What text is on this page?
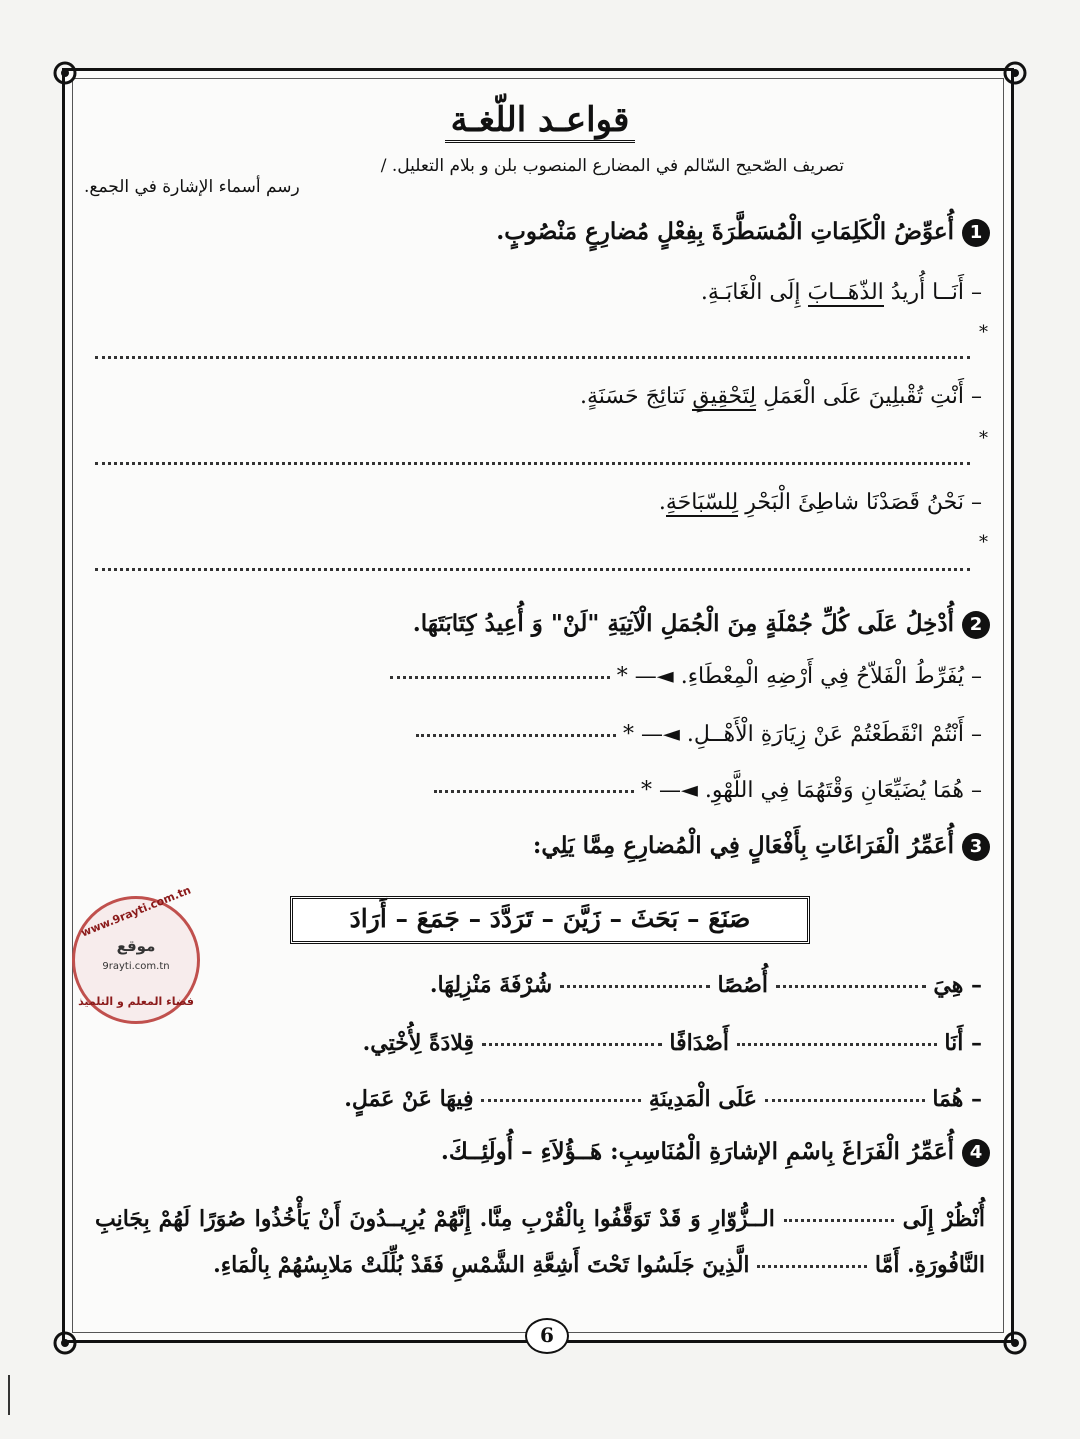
قواعـد اللّغـة
تصريف الصّحيح السّالم في المضارع المنصوب بلن و بلام التعليل. /
رسم أسماء الإشارة في الجمع.
1أُعوِّضُ الْكَلِمَاتِ الْمُسَطَّرَةَ بِفِعْلٍ مُضارِعٍ مَنْصُوبٍ.
– أَنَــا أُريدُ الذّهَــابَ إِلَى الْغَابَـةِ.
*
– أَنْتِ تُقْبلِينَ عَلَى الْعَمَلِ لِتَحْقِيقِ نَتائِجَ حَسَنَةٍ.
*
– نَحْنُ قَصَدْنَا شاطِئَ الْبَحْرِ لِلسّبَاحَةِ.
*
2أُدْخِلُ عَلَى كُلِّ جُمْلَةٍ مِنَ الْجُمَلِ الْآتِيَةِ "لَنْ" وَ أُعِيدُ كِتَابَتَهَا.
– يُفَرِّطُ الْفَلاّحُ فِي أَرْضِهِ الْمِعْطَاءِ. ◄— *
– أَنْتُمْ انْقَطَعْتُمْ عَنْ زِيَارَةِ الْأَهْــلِ. ◄— *
– هُمَا يُضَيِّعَانِ وَقْتَهُمَا فِي اللَّهْوِ. ◄— *
3أُعَمِّرُ الْفَرَاغَاتِ بِأَفْعَالٍ فِي الْمُضارِعِ مِمَّا يَلِي:
صَنَعَ – بَحَثَ – زَيَّنَ – تَرَدَّدَ – جَمَعَ – أَرَادَ
www.9rayti.com.tn
موقع
9rayti.com.tn
فضاء المعلم و التلميذ
– هِيَ  أُصُصًا  شُرْفَةَ مَنْزِلِهَا.
– أَنَا  أَصْدَافًا  قِلادَةً لِأُخْتِي.
– هُمَا  عَلَى الْمَدِينَةِ  فِيهَا عَنْ عَمَلٍ.
4أُعَمِّرُ الْفَرَاغَ بِاسْمِ الإشارَةِ الْمُنَاسِبِ: هَــؤُلاَءِ – أُولَئِــكَ.
أُنْظُرْ إِلَى  الــزُّوّارِ وَ قَدْ تَوَقَّفُوا بِالْقُرْبِ مِنَّا. إِنَّهُمْ يُرِيــدُونَ أَنْ يَأْخُذُوا صُوَرًا لَهُمْ بِجَانِبِ النَّافُورَةِ. أَمَّا  الَّذِينَ جَلَسُوا تَحْتَ أَشِعَّةِ الشَّمْسِ فَقَدْ بُلِّلَتْ مَلابِسُهُمْ بِالْمَاءِ.
6
